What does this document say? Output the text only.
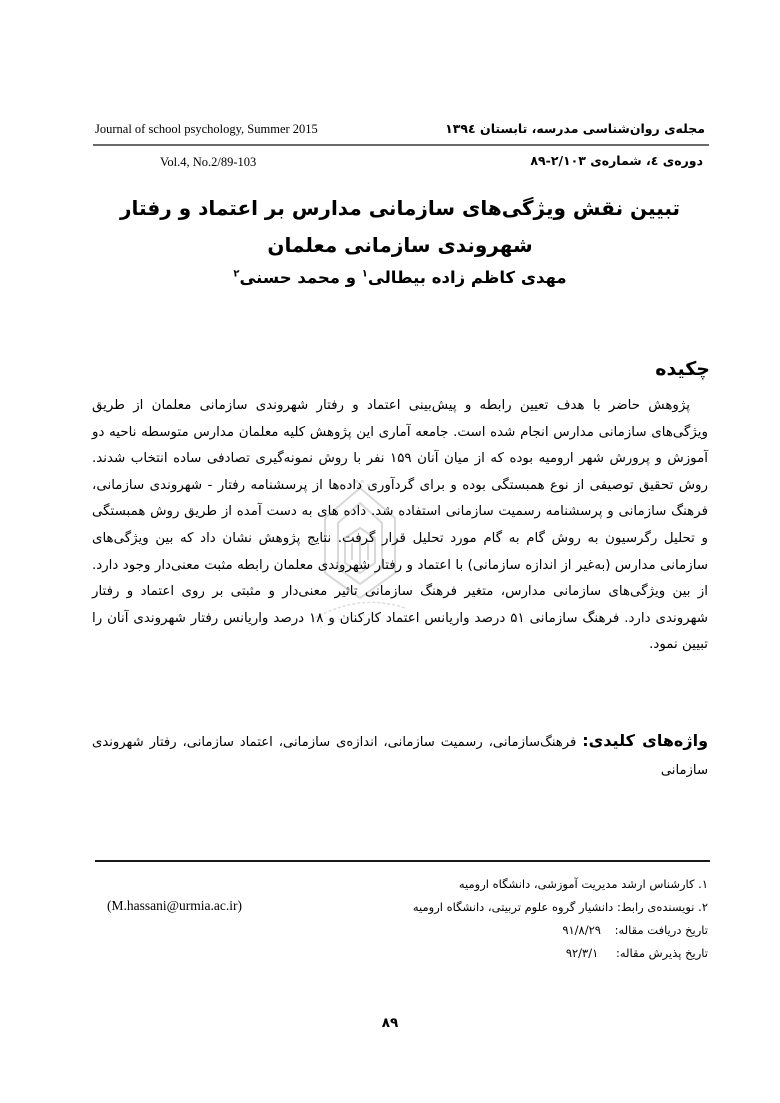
Journal of school psychology, Summer 2015
Vol.4, No.2/89-103
مجله‌ی روان‌شناسی مدرسه، تابستان ۱۳۹٤
دوره‌ی ٤، شماره‌ی ۲/۱۰۳-۸۹
تبیین نقش ویژگی‌های سازمانی مدارس بر اعتماد و رفتار شهروندی سازمانی معلمان
مهدی کاظم زاده بیطالی$^۱$ و محمد حسنی$^۲$
چکیده

پژوهش حاضر با هدف تعیین رابطه و پیش‌بینی اعتماد و رفتار شهروندی سازمانی معلمان از طریق ویژگی‌های سازمانی مدارس انجام شده است. جامعه آماری این پژوهش کلیه معلمان مدارس متوسطه ناحیه دو آموزش و پرورش شهر ارومیه بوده که از میان آنان ۱۵۹ نفر با روش نمونه‌گیری تصادفی ساده انتخاب شدند. روش تحقیق توصیفی از نوع همبستگی بوده و برای گردآوری داده‌ها از پرسشنامه رفتار - شهروندی سازمانی، فرهنگ سازمانی و پرسشنامه رسمیت سازمانی استفاده شد. داده های به دست آمده از طریق روش همبستگی و تحلیل رگرسیون به روش گام به گام مورد تحلیل قرار گرفت. نتایج پژوهش نشان داد که بین ویژگی‌های سازمانی مدارس (به‌غیر از اندازه سازمانی) با اعتماد و رفتار شهروندی معلمان رابطه مثبت معنی‌دار وجود دارد. از بین ویژگی‌های سازمانی مدارس، متغیر فرهنگ سازمانی تاثیر معنی‌دار و مثبتی بر روی اعتماد و رفتار شهروندی دارد. فرهنگ سازمانی ۵۱ درصد واریانس اعتماد کارکنان و ۱۸ درصد واریانس رفتار شهروندی آنان را تبیین نمود.

واژه‌های کلیدی: فرهنگ‌سازمانی، رسمیت سازمانی، اندازه‌ی سازمانی، اعتماد سازمانی، رفتار شهروندی سازمانی
۱. کارشناس ارشد مدیریت آموزشی، دانشگاه ارومیه
۲. نویسنده‌ی رابط: دانشیار گروه علوم تربیتی، دانشگاه ارومیه
(M.hassani@urmia.ac.ir)
تاریخ دریافت مقاله: ۹۱/۸/۲۹
تاریخ پذیرش مقاله: ۹۲/۳/۱
۸۹
